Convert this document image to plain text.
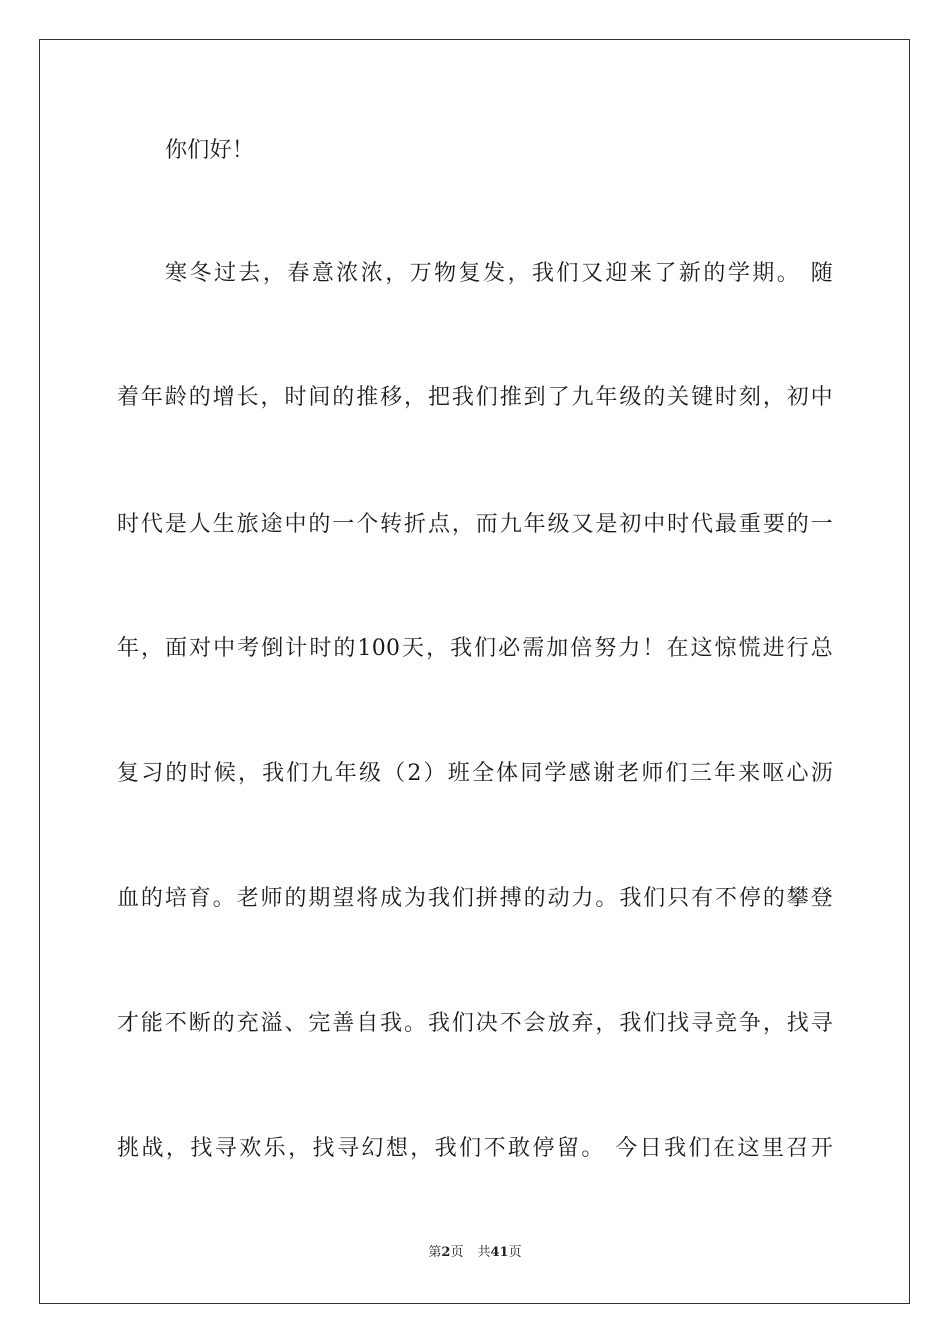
你们好！
寒冬过去，春意浓浓，万物复发，我们又迎来了新的学期。 随
着年龄的增长，时间的推移，把我们推到了九年级的关键时刻，初中
时代是人生旅途中的一个转折点，而九年级又是初中时代最重要的一
年，面对中考倒计时的100天，我们必需加倍努力！在这惊慌进行总
复习的时候，我们九年级（2）班全体同学感谢老师们三年来呕心沥
血的培育。老师的期望将成为我们拼搏的动力。我们只有不停的攀登
才能不断的充溢、完善自我。我们决不会放弃，我们找寻竞争，找寻
挑战，找寻欢乐，找寻幻想，我们不敢停留。 今日我们在这里召开
第2页 共41页
